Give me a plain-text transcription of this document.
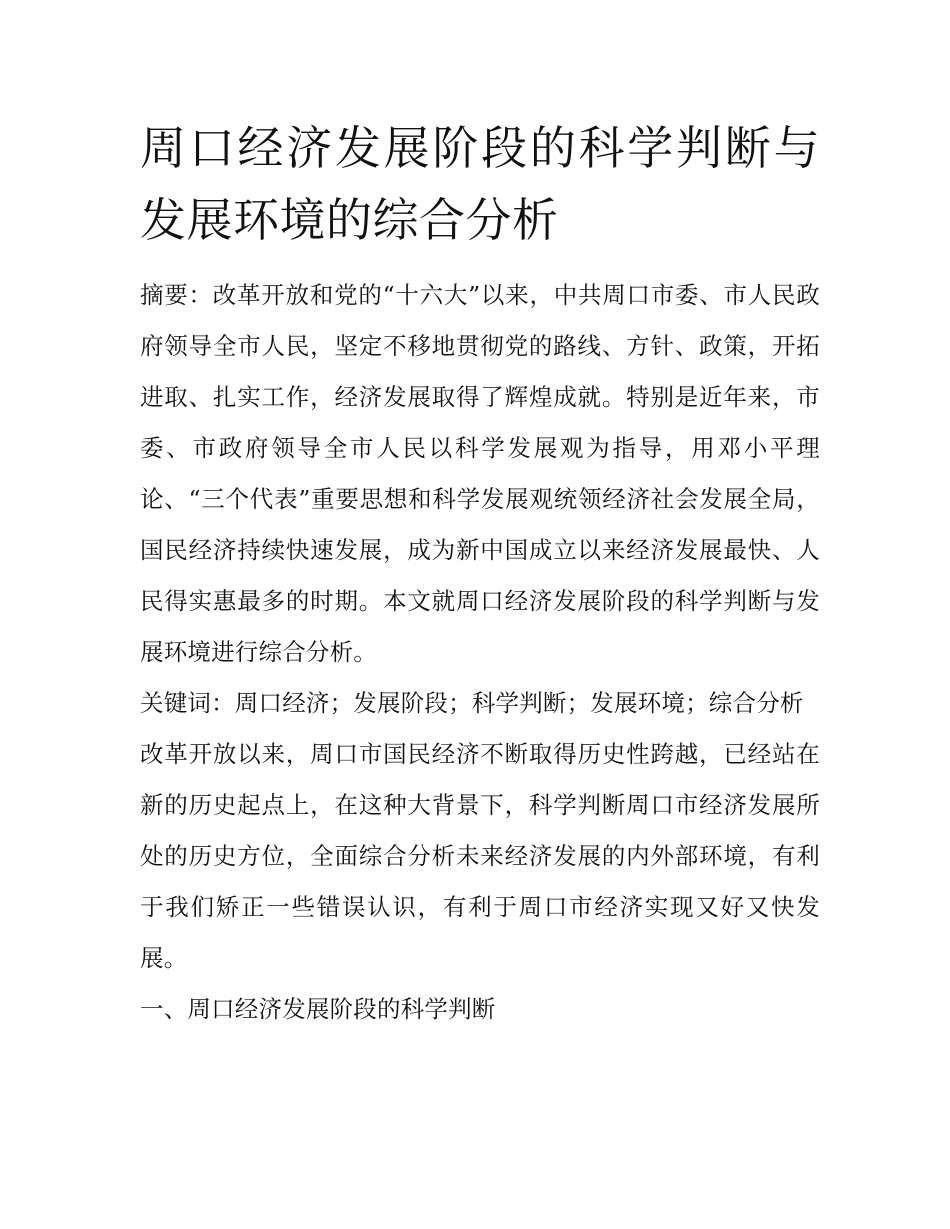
周口经济发展阶段的科学判断与发展环境的综合分析

摘要：改革开放和党的“十六大”以来，中共周口市委、市人民政府领导全市人民，坚定不移地贯彻党的路线、方针、政策，开拓进取、扎实工作，经济发展取得了辉煌成就。特别是近年来，市委、市政府领导全市人民以科学发展观为指导，用邓小平理论、“三个代表”重要思想和科学发展观统领经济社会发展全局，国民经济持续快速发展，成为新中国成立以来经济发展最快、人民得实惠最多的时期。本文就周口经济发展阶段的科学判断与发展环境进行综合分析。

关键词：周口经济；发展阶段；科学判断；发展环境；综合分析

改革开放以来，周口市国民经济不断取得历史性跨越，已经站在新的历史起点上，在这种大背景下，科学判断周口市经济发展所处的历史方位，全面综合分析未来经济发展的内外部环境，有利于我们矫正一些错误认识，有利于周口市经济实现又好又快发展。

一、周口经济发展阶段的科学判断
